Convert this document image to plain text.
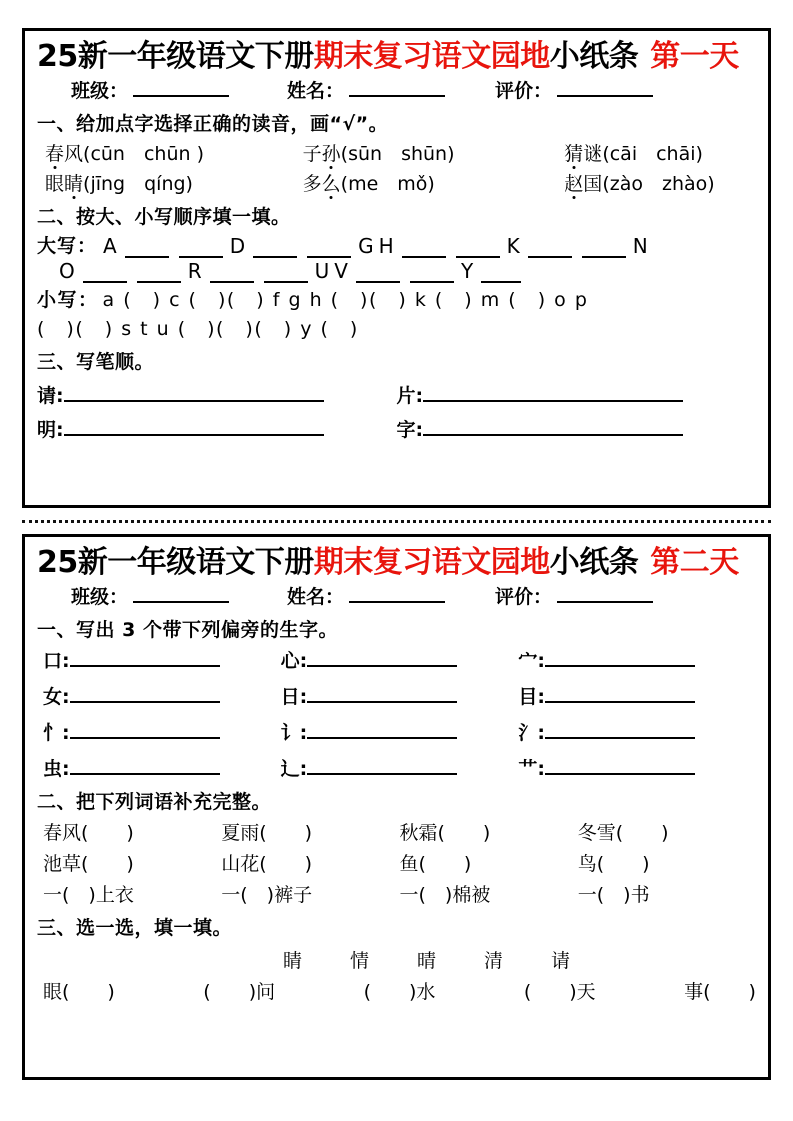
25 新一年级语文下册 期末复习语文园地 小纸条 第一天
班级：	姓名：	评价：
一、给加点字选择正确的读音，画“√”。
春风(cūn　chūn )	子孙(sūn　shūn)	猜谜(cāi　chāi)
眼睛(jīng　qíng)	多么(me　mǒ)	赵国(zào　zhào)
二、按大、小写顺序填一填。
大写： A	D	G H	K	N
O	R	U V	Y
小写： a (　) c (　)(　) f g h (　)(　) k (　) m (　) o p
(　)(　) s t u (　)(　)(　) y (　)
三、写笔顺。
请:	片:
明:	字:
25 新一年级语文下册 期末复习语文园地 小纸条 第二天
班级：	姓名：	评价：
一、写出 3 个带下列偏旁的生字。
口:	心:	宀:
女:	日:	目:
忄:	讠:	氵:
虫:	辶:	艹:
二、把下列词语补充完整。
春风(　　)	夏雨(　　)	秋霜(　　)	冬雪(　　)
池草(　　)	山花(　　)	鱼(　　)	鸟(　　)
一(　)上衣	一(　)裤子	一(　)棉被	一(　)书
三、选一选，填一填。
睛	情	晴	清	请
眼(　　)	(　　)问	(　　)水	(　　)天	事(　　)
